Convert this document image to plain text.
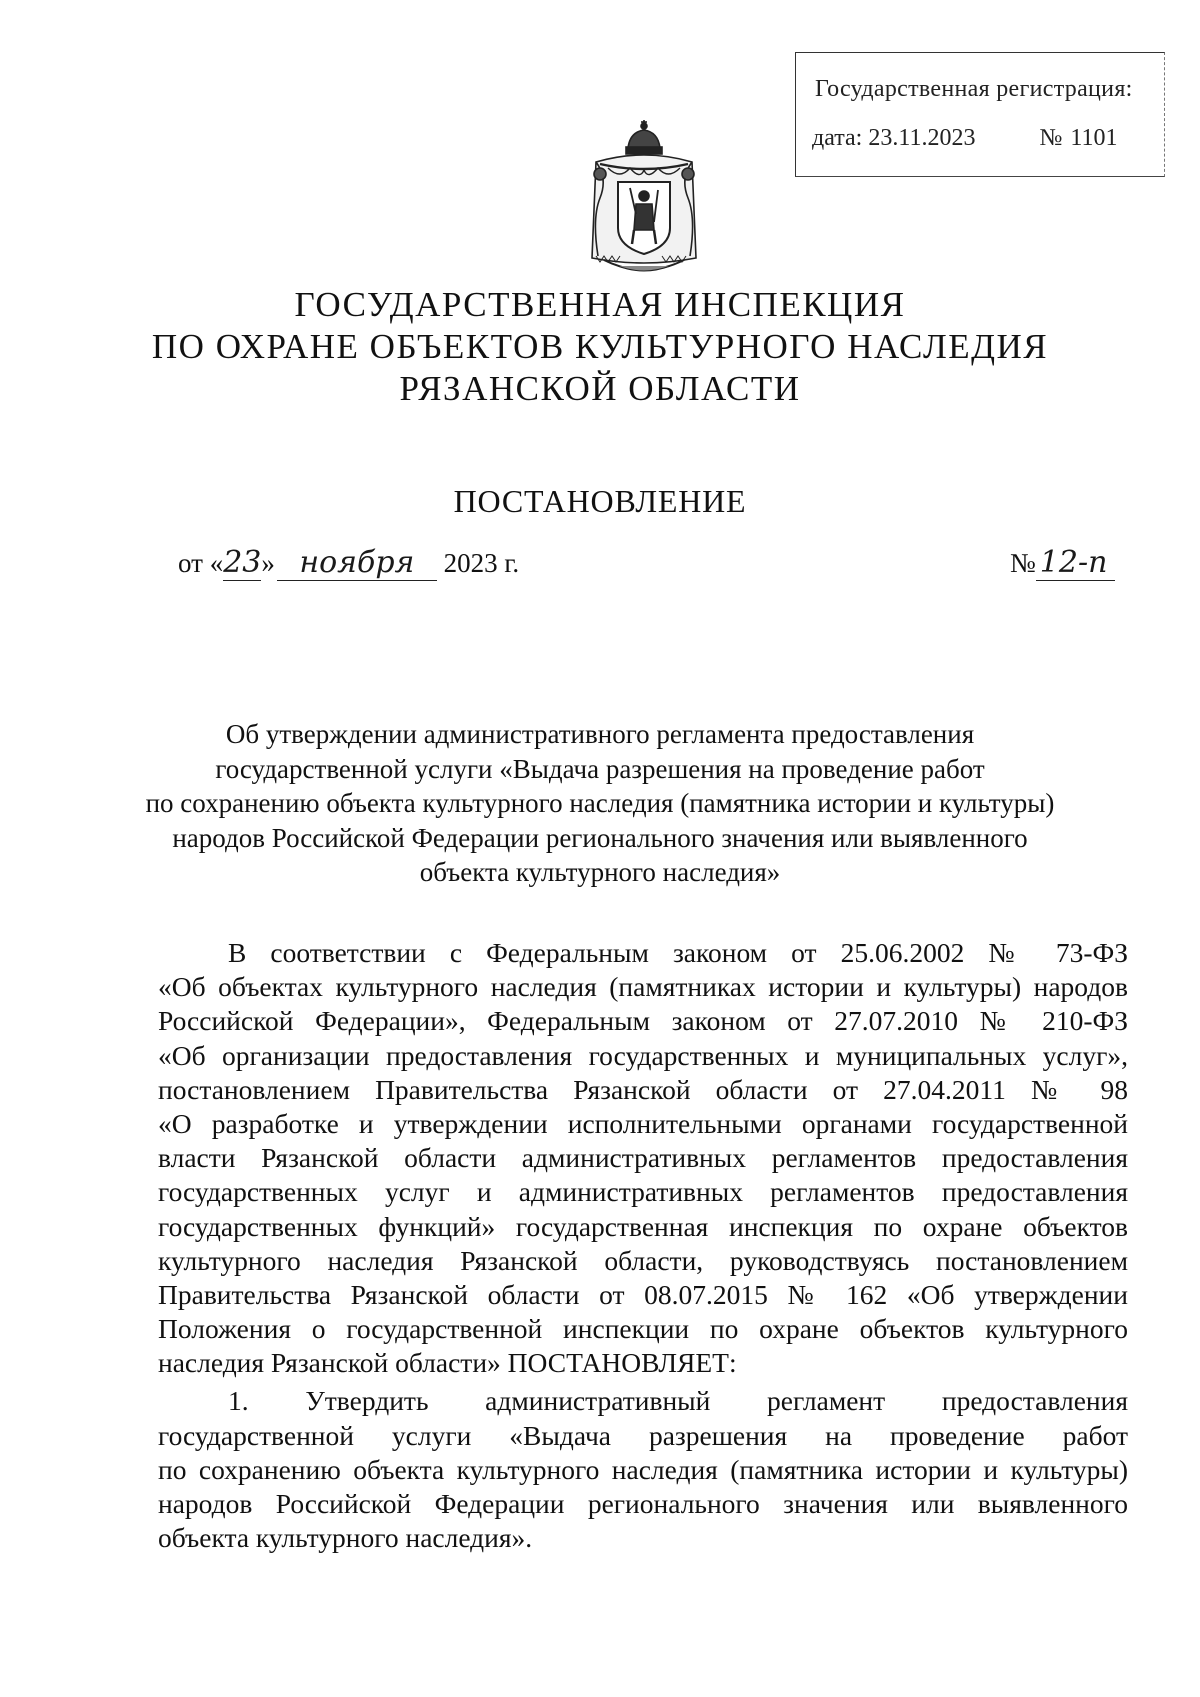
Государственная регистрация:
дата: 23.11.2023	№ 1101
ГОСУДАРСТВЕННАЯ ИНСПЕКЦИЯ
ПО ОХРАНЕ ОБЪЕКТОВ КУЛЬТУРНОГО НАСЛЕДИЯ
РЯЗАНСКОЙ ОБЛАСТИ
ПОСТАНОВЛЕНИЕ
от «23» ноября 2023 г.	№ 12-п
Об утверждении административного регламента предоставления
государственной услуги «Выдача разрешения на проведение работ
по сохранению объекта культурного наследия (памятника истории и культуры)
народов Российской Федерации регионального значения или выявленного
объекта культурного наследия»
В соответствии с Федеральным законом от 25.06.2002 № 73-ФЗ
«Об объектах культурного наследия (памятниках истории и культуры) народов
Российской Федерации», Федеральным законом от 27.07.2010 № 210-ФЗ
«Об организации предоставления государственных и муниципальных услуг»,
постановлением Правительства Рязанской области от 27.04.2011 № 98
«О разработке и утверждении исполнительными органами государственной
власти Рязанской области административных регламентов предоставления
государственных услуг и административных регламентов предоставления
государственных функций» государственная инспекция по охране объектов
культурного наследия Рязанской области, руководствуясь постановлением
Правительства Рязанской области от 08.07.2015 № 162 «Об утверждении
Положения о государственной инспекции по охране объектов культурного
наследия Рязанской области» ПОСТАНОВЛЯЕТ:
1. Утвердить административный регламент предоставления
государственной услуги «Выдача разрешения на проведение работ
по сохранению объекта культурного наследия (памятника истории и культуры)
народов Российской Федерации регионального значения или выявленного
объекта культурного наследия».
